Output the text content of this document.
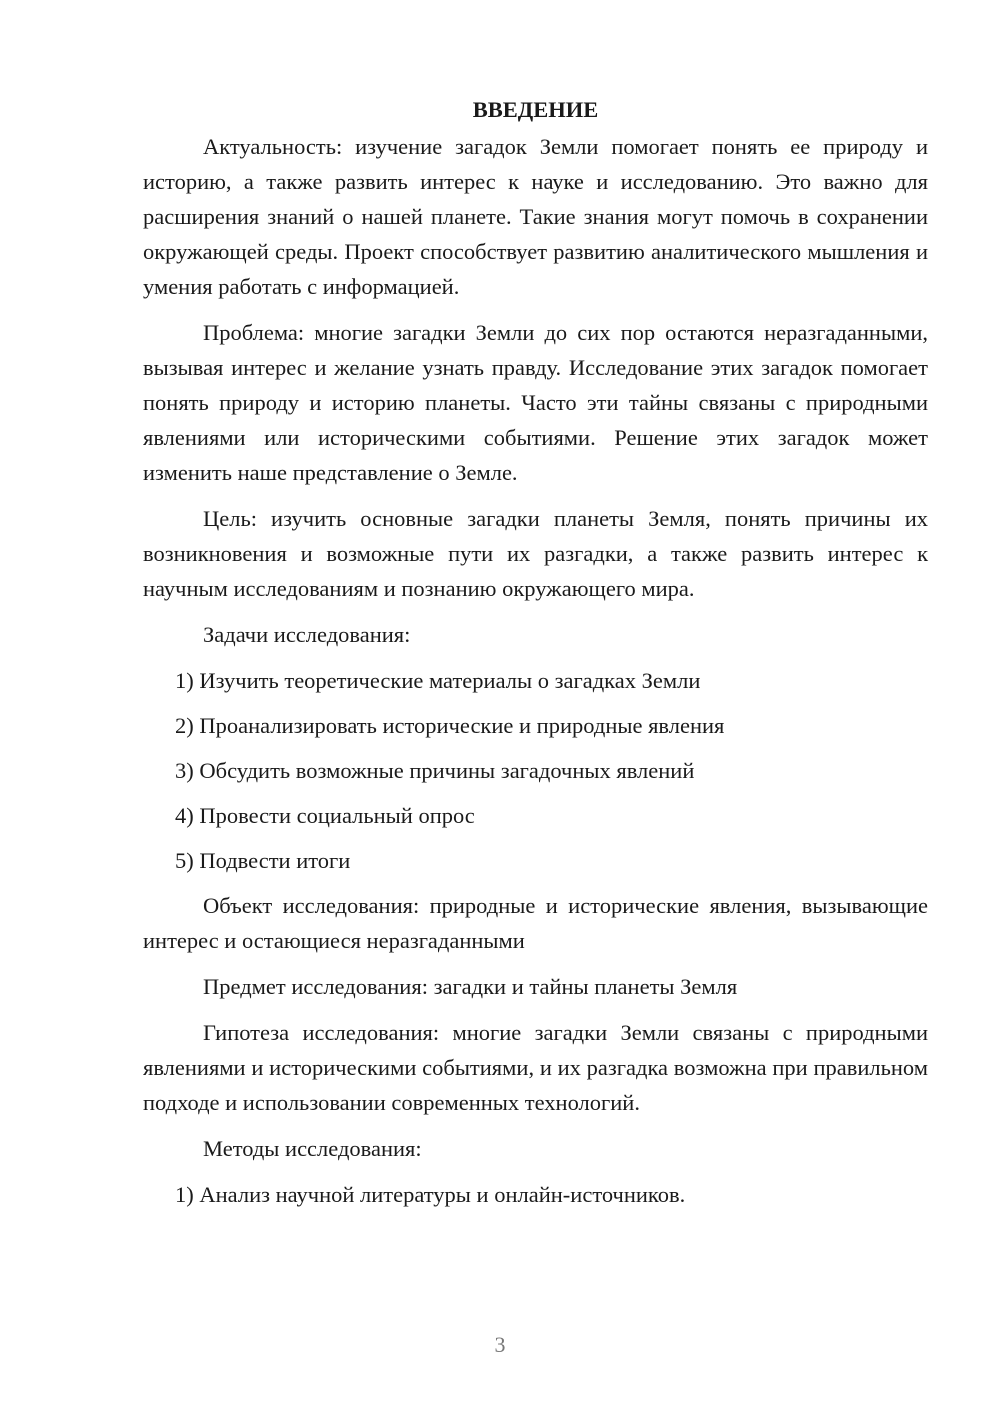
ВВЕДЕНИЕ

Актуальность: изучение загадок Земли помогает понять ее природу и историю, а также развить интерес к науке и исследованию. Это важно для расширения знаний о нашей планете. Такие знания могут помочь в сохранении окружающей среды. Проект способствует развитию аналитического мышления и умения работать с информацией.

Проблема: многие загадки Земли до сих пор остаются неразгаданными, вызывая интерес и желание узнать правду. Исследование этих загадок помогает понять природу и историю планеты. Часто эти тайны связаны с природными явлениями или историческими событиями. Решение этих загадок может изменить наше представление о Земле.

Цель: изучить основные загадки планеты Земля, понять причины их возникновения и возможные пути их разгадки, а также развить интерес к научным исследованиям и познанию окружающего мира.

Задачи исследования:

1) Изучить теоретические материалы о загадках Земли
2) Проанализировать исторические и природные явления
3) Обсудить возможные причины загадочных явлений
4) Провести социальный опрос
5) Подвести итоги

Объект исследования: природные и исторические явления, вызывающие интерес и остающиеся неразгаданными

Предмет исследования: загадки и тайны планеты Земля

Гипотеза исследования: многие загадки Земли связаны с природными явлениями и историческими событиями, и их разгадка возможна при правильном подходе и использовании современных технологий.

Методы исследования:

1) Анализ научной литературы и онлайн-источников.
3
